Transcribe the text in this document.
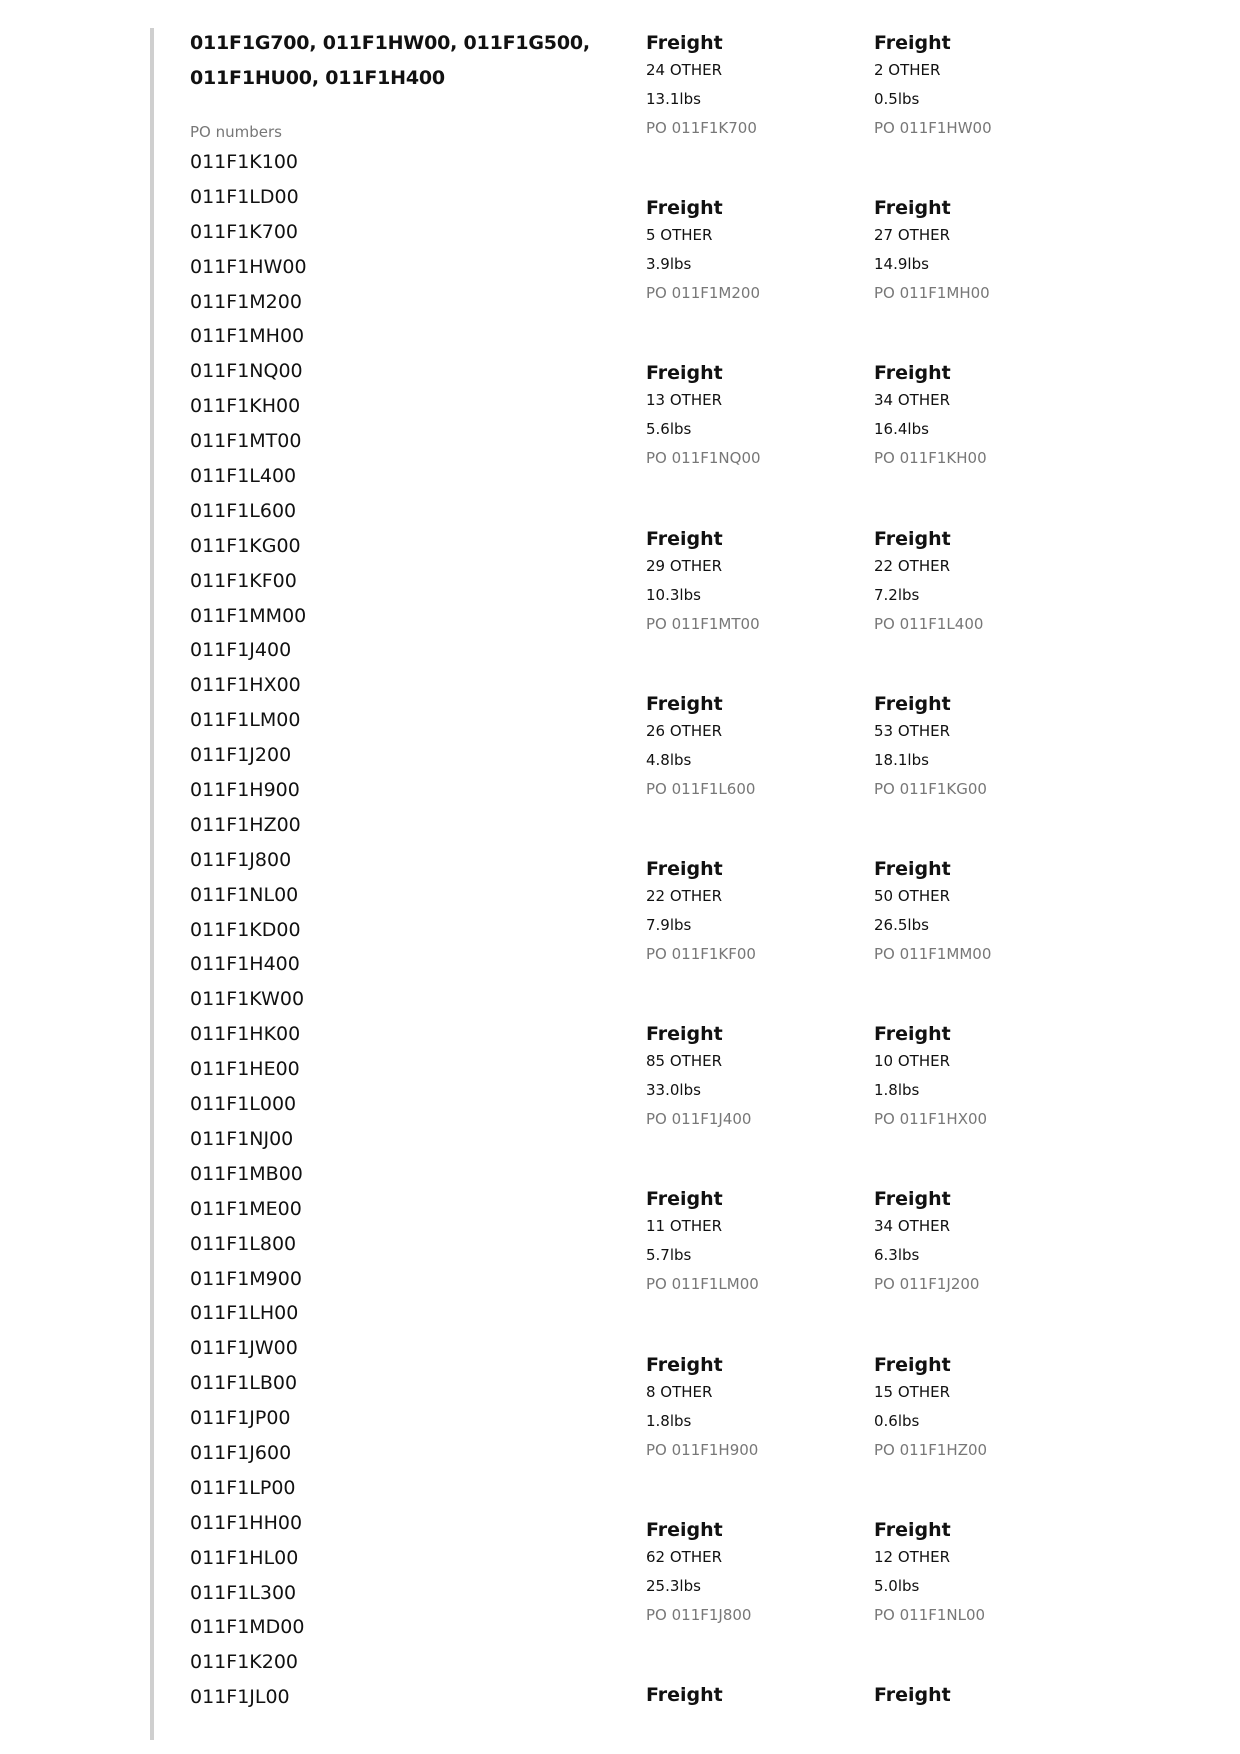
011F1G700, 011F1HW00, 011F1G500, 011F1HU00, 011F1H400

PO numbers
011F1K100
011F1LD00
011F1K700
011F1HW00
011F1M200
011F1MH00
011F1NQ00
011F1KH00
011F1MT00
011F1L400
011F1L600
011F1KG00
011F1KF00
011F1MM00
011F1J400
011F1HX00
011F1LM00
011F1J200
011F1H900
011F1HZ00
011F1J800
011F1NL00
011F1KD00
011F1H400
011F1KW00
011F1HK00
011F1HE00
011F1L000
011F1NJ00
011F1MB00
011F1ME00
011F1L800
011F1M900
011F1LH00
011F1JW00
011F1LB00
011F1JP00
011F1J600
011F1LP00
011F1HH00
011F1HL00
011F1L300
011F1MD00
011F1K200
011F1JL00
Freight
24 OTHER
13.1lbs
PO 011F1K700
Freight
2 OTHER
0.5lbs
PO 011F1HW00
Freight
5 OTHER
3.9lbs
PO 011F1M200
Freight
27 OTHER
14.9lbs
PO 011F1MH00
Freight
13 OTHER
5.6lbs
PO 011F1NQ00
Freight
34 OTHER
16.4lbs
PO 011F1KH00
Freight
29 OTHER
10.3lbs
PO 011F1MT00
Freight
22 OTHER
7.2lbs
PO 011F1L400
Freight
26 OTHER
4.8lbs
PO 011F1L600
Freight
53 OTHER
18.1lbs
PO 011F1KG00
Freight
22 OTHER
7.9lbs
PO 011F1KF00
Freight
50 OTHER
26.5lbs
PO 011F1MM00
Freight
85 OTHER
33.0lbs
PO 011F1J400
Freight
10 OTHER
1.8lbs
PO 011F1HX00
Freight
11 OTHER
5.7lbs
PO 011F1LM00
Freight
34 OTHER
6.3lbs
PO 011F1J200
Freight
8 OTHER
1.8lbs
PO 011F1H900
Freight
15 OTHER
0.6lbs
PO 011F1HZ00
Freight
62 OTHER
25.3lbs
PO 011F1J800
Freight
12 OTHER
5.0lbs
PO 011F1NL00
Freight	Freight
